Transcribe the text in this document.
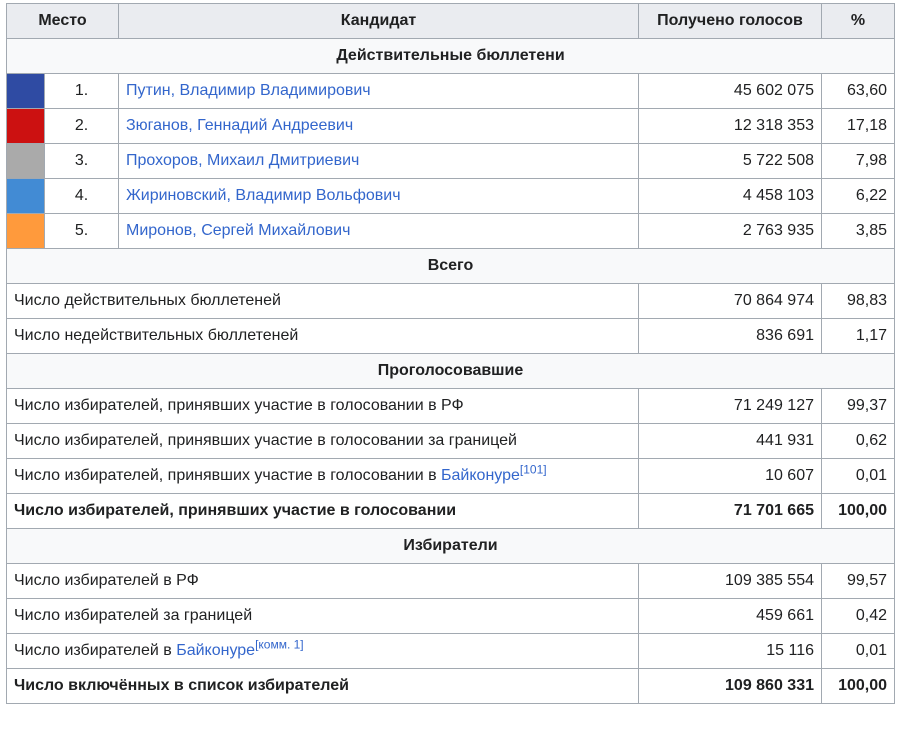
Место		Кандидат	Получено голосов	%
Действительные бюллетени				
	1.	Путин, Владимир Владимирович	45 602 075	63,60
	2.	Зюганов, Геннадий Андреевич	12 318 353	17,18
	3.	Прохоров, Михаил Дмитриевич	5 722 508	7,98
	4.	Жириновский, Владимир Вольфович	4 458 103	6,22
	5.	Миронов, Сергей Михайлович	2 763 935	3,85
Всего				
Число действительных бюллетеней			70 864 974	98,83
Число недействительных бюллетеней			836 691	1,17
Проголосовавшие				
Число избирателей, принявших участие в голосовании в РФ			71 249 127	99,37
Число избирателей, принявших участие в голосовании за границей			441 931	0,62
Число избирателей, принявших участие в голосовании в Байконуре[101]			10 607	0,01
Число избирателей, принявших участие в голосовании			71 701 665	100,00
Избиратели				
Число избирателей в РФ			109 385 554	99,57
Число избирателей за границей			459 661	0,42
Число избирателей в Байконуре[комм. 1]			15 116	0,01
Число включённых в список избирателей			109 860 331	100,00
